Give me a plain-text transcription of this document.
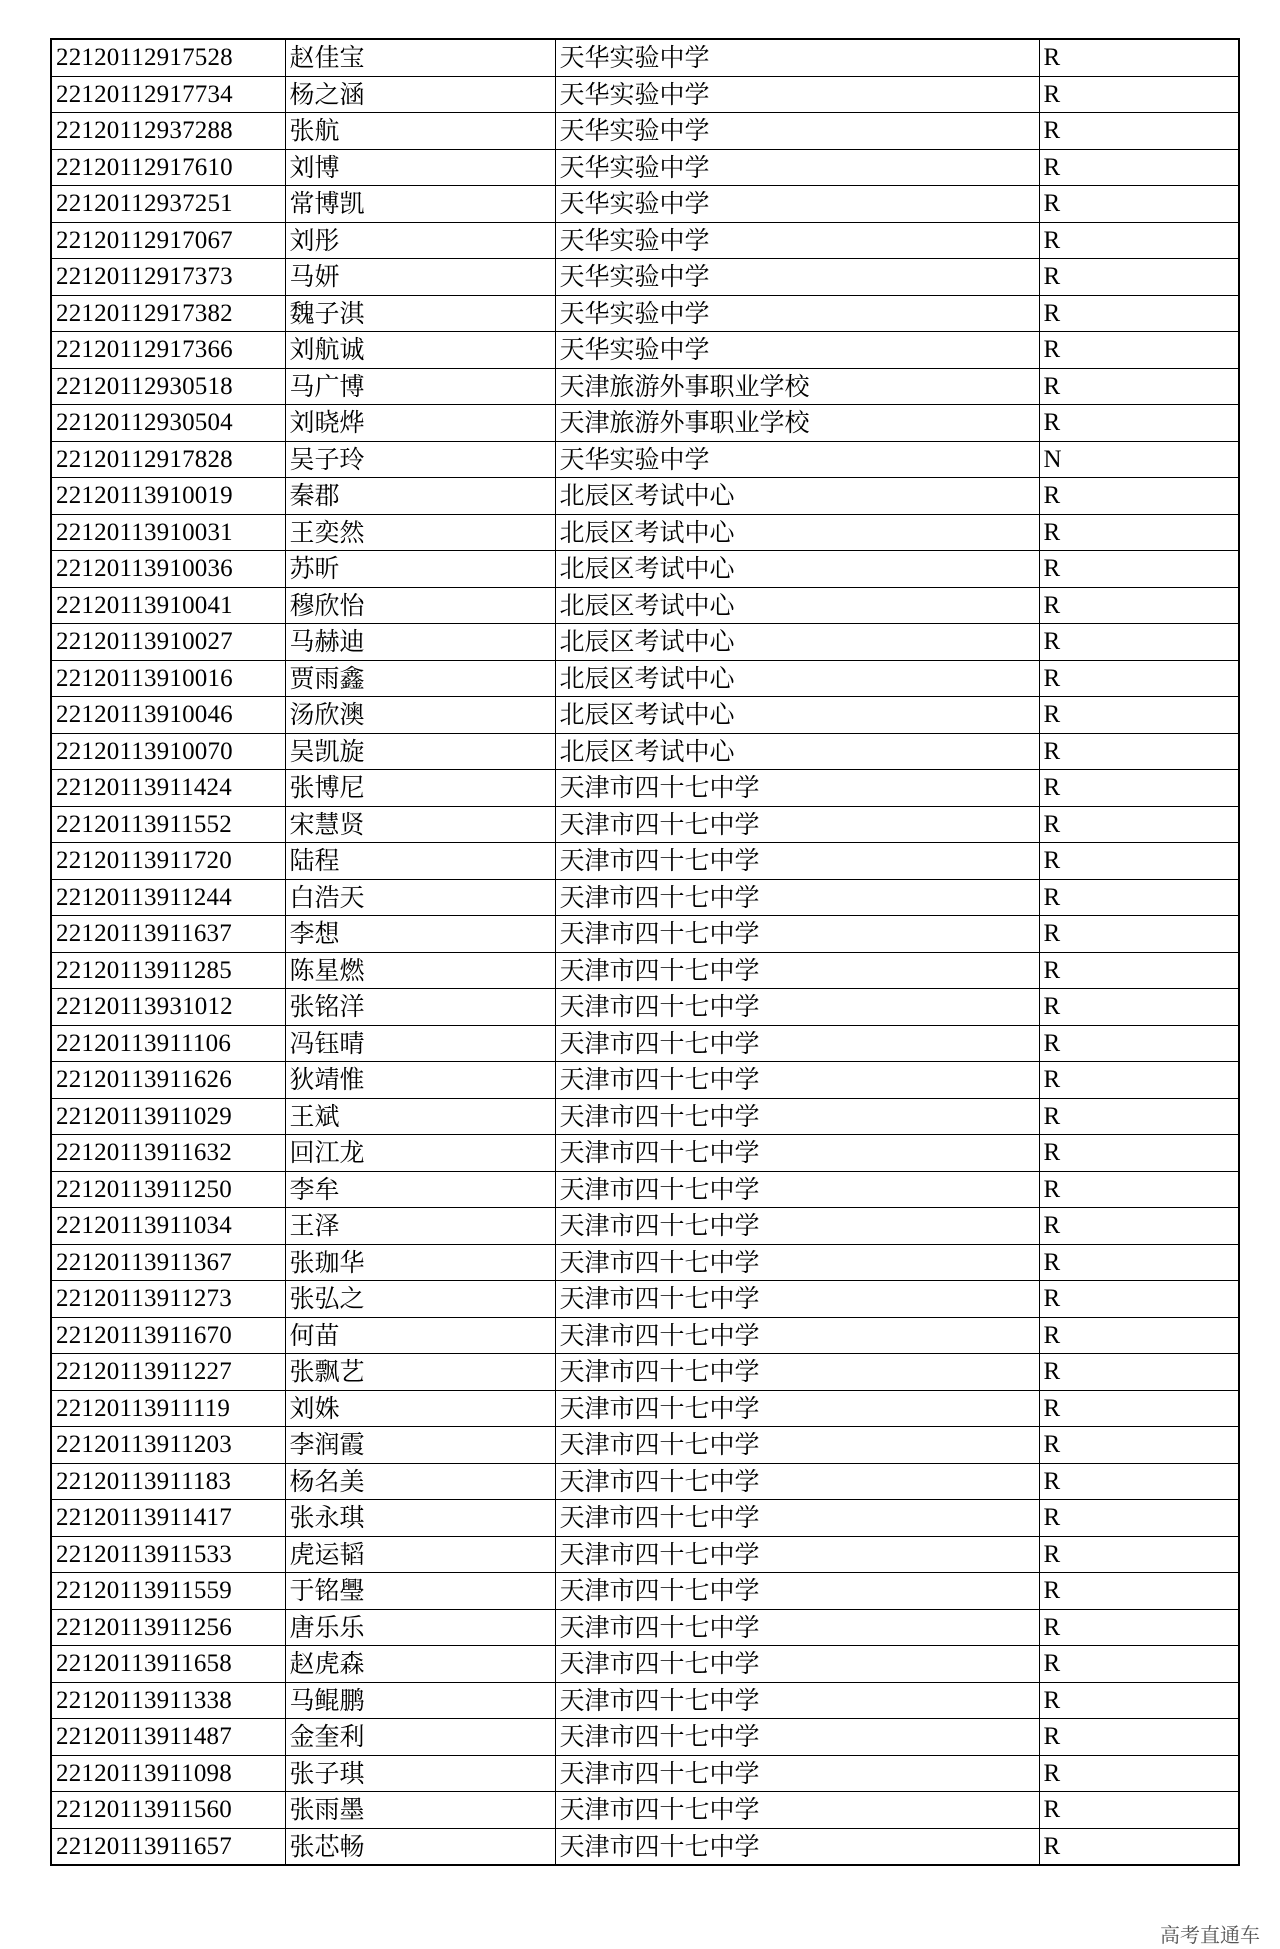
22120112917528	赵佳宝	天华实验中学	R
22120112917734	杨之涵	天华实验中学	R
22120112937288	张航	天华实验中学	R
22120112917610	刘博	天华实验中学	R
22120112937251	常博凯	天华实验中学	R
22120112917067	刘彤	天华实验中学	R
22120112917373	马妍	天华实验中学	R
22120112917382	魏子淇	天华实验中学	R
22120112917366	刘航诚	天华实验中学	R
22120112930518	马广博	天津旅游外事职业学校	R
22120112930504	刘晓烨	天津旅游外事职业学校	R
22120112917828	吴子玲	天华实验中学	N
22120113910019	秦郡	北辰区考试中心	R
22120113910031	王奕然	北辰区考试中心	R
22120113910036	苏昕	北辰区考试中心	R
22120113910041	穆欣怡	北辰区考试中心	R
22120113910027	马赫迪	北辰区考试中心	R
22120113910016	贾雨鑫	北辰区考试中心	R
22120113910046	汤欣澳	北辰区考试中心	R
22120113910070	吴凯旋	北辰区考试中心	R
22120113911424	张博尼	天津市四十七中学	R
22120113911552	宋慧贤	天津市四十七中学	R
22120113911720	陆程	天津市四十七中学	R
22120113911244	白浩天	天津市四十七中学	R
22120113911637	李想	天津市四十七中学	R
22120113911285	陈星燃	天津市四十七中学	R
22120113931012	张铭洋	天津市四十七中学	R
22120113911106	冯钰晴	天津市四十七中学	R
22120113911626	狄靖惟	天津市四十七中学	R
22120113911029	王斌	天津市四十七中学	R
22120113911632	回江龙	天津市四十七中学	R
22120113911250	李牟	天津市四十七中学	R
22120113911034	王泽	天津市四十七中学	R
22120113911367	张珈华	天津市四十七中学	R
22120113911273	张弘之	天津市四十七中学	R
22120113911670	何苗	天津市四十七中学	R
22120113911227	张飘艺	天津市四十七中学	R
22120113911119	刘姝	天津市四十七中学	R
22120113911203	李润霞	天津市四十七中学	R
22120113911183	杨名美	天津市四十七中学	R
22120113911417	张永琪	天津市四十七中学	R
22120113911533	虎运韬	天津市四十七中学	R
22120113911559	于铭璺	天津市四十七中学	R
22120113911256	唐乐乐	天津市四十七中学	R
22120113911658	赵虎森	天津市四十七中学	R
22120113911338	马鲲鹏	天津市四十七中学	R
22120113911487	金奎利	天津市四十七中学	R
22120113911098	张子琪	天津市四十七中学	R
22120113911560	张雨墨	天津市四十七中学	R
22120113911657	张芯畅	天津市四十七中学	R
高考直通车
